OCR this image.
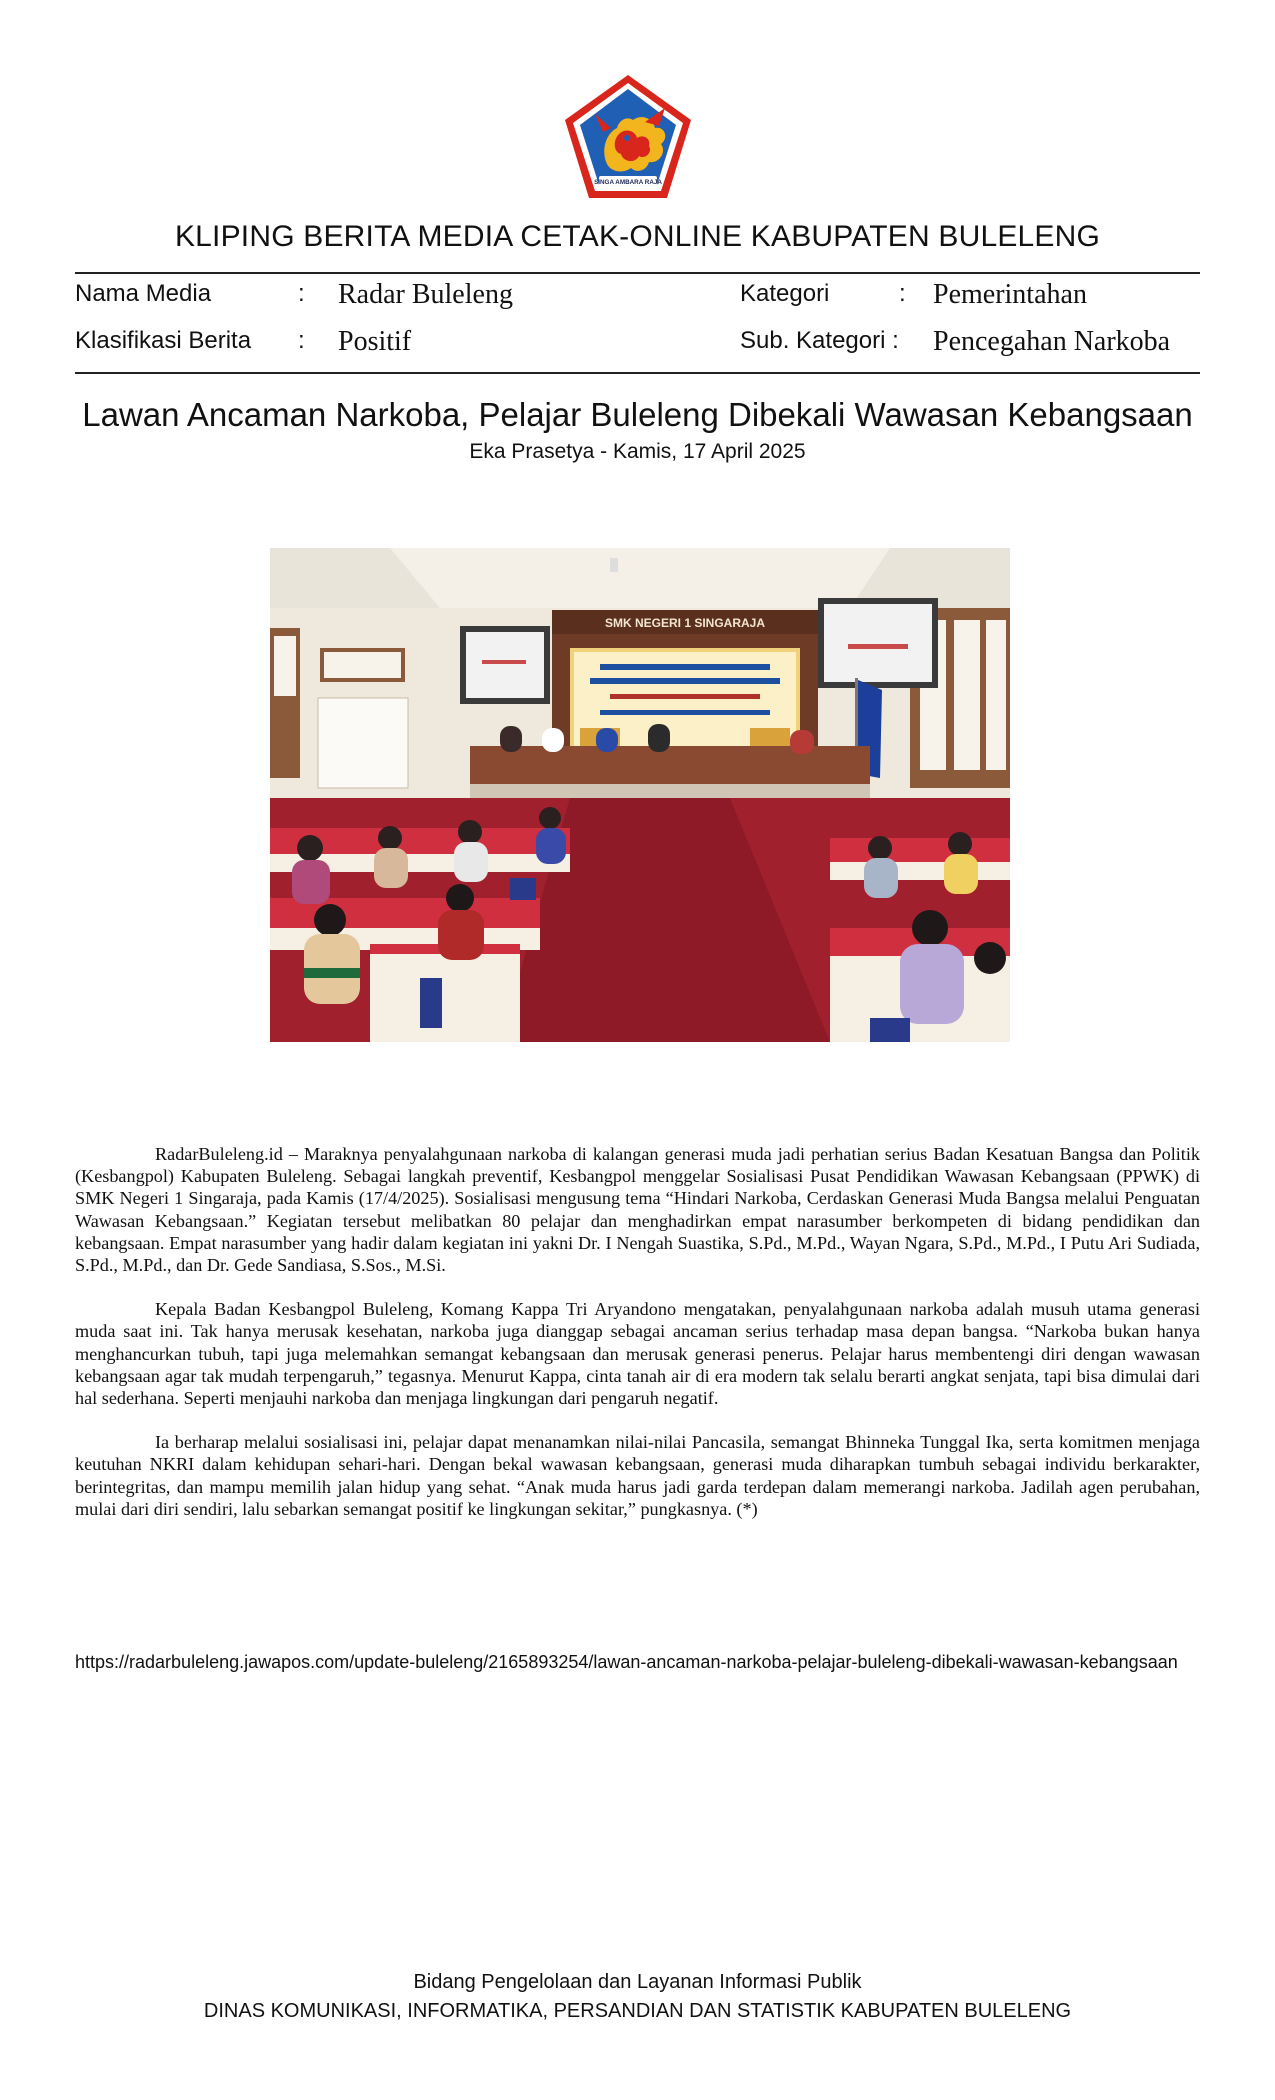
SINGA AMBARA RAJA
KLIPING BERITA MEDIA CETAK-ONLINE KABUPATEN BULELENG
Nama Media	: Radar Buleleng	Kategori	: Pemerintahan
Klasifikasi Berita : Positif	Sub. Kategori : Pencegahan Narkoba
Lawan Ancaman Narkoba, Pelajar Buleleng Dibekali Wawasan Kebangsaan
Eka Prasetya - Kamis, 17 April 2025
SMK NEGERI 1 SINGARAJA

RadarBuleleng.id – Maraknya penyalahgunaan narkoba di kalangan generasi muda jadi perhatian serius Badan Kesatuan Bangsa dan Politik (Kesbangpol) Kabupaten Buleleng. Sebagai langkah preventif, Kesbangpol menggelar Sosialisasi Pusat Pendidikan Wawasan Kebangsaan (PPWK) di SMK Negeri 1 Singaraja, pada Kamis (17/4/2025). Sosialisasi mengusung tema “Hindari Narkoba, Cerdaskan Generasi Muda Bangsa melalui Penguatan Wawasan Kebangsaan.” Kegiatan tersebut melibatkan 80 pelajar dan menghadirkan empat narasumber berkompeten di bidang pendidikan dan kebangsaan. Empat narasumber yang hadir dalam kegiatan ini yakni Dr. I Nengah Suastika, S.Pd., M.Pd., Wayan Ngara, S.Pd., M.Pd., I Putu Ari Sudiada, S.Pd., M.Pd., dan Dr. Gede Sandiasa, S.Sos., M.Si.

Kepala Badan Kesbangpol Buleleng, Komang Kappa Tri Aryandono mengatakan, penyalahgunaan narkoba adalah musuh utama generasi muda saat ini. Tak hanya merusak kesehatan, narkoba juga dianggap sebagai ancaman serius terhadap masa depan bangsa. “Narkoba bukan hanya menghancurkan tubuh, tapi juga melemahkan semangat kebangsaan dan merusak generasi penerus. Pelajar harus membentengi diri dengan wawasan kebangsaan agar tak mudah terpengaruh,” tegasnya. Menurut Kappa, cinta tanah air di era modern tak selalu berarti angkat senjata, tapi bisa dimulai dari hal sederhana. Seperti menjauhi narkoba dan menjaga lingkungan dari pengaruh negatif.

Ia berharap melalui sosialisasi ini, pelajar dapat menanamkan nilai-nilai Pancasila, semangat Bhinneka Tunggal Ika, serta komitmen menjaga keutuhan NKRI dalam kehidupan sehari-hari. Dengan bekal wawasan kebangsaan, generasi muda diharapkan tumbuh sebagai individu berkarakter, berintegritas, dan mampu memilih jalan hidup yang sehat. “Anak muda harus jadi garda terdepan dalam memerangi narkoba. Jadilah agen perubahan, mulai dari diri sendiri, lalu sebarkan semangat positif ke lingkungan sekitar,” pungkasnya. (*)

https://radarbuleleng.jawapos.com/update-buleleng/2165893254/lawan-ancaman-narkoba-pelajar-buleleng-dibekali-wawasan-kebangsaan
Bidang Pengelolaan dan Layanan Informasi Publik
DINAS KOMUNIKASI, INFORMATIKA, PERSANDIAN DAN STATISTIK KABUPATEN BULELENG
